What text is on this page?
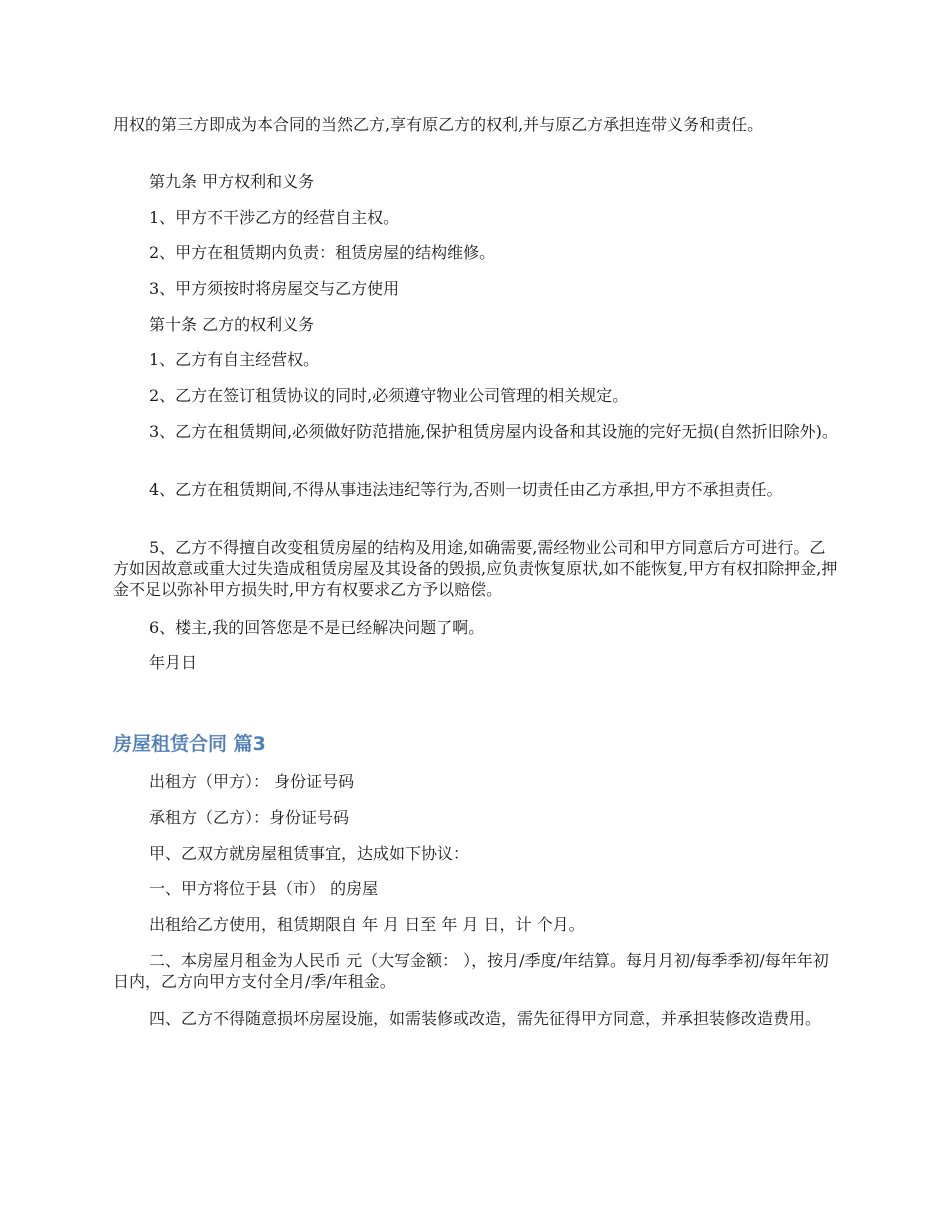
用权的第三方即成为本合同的当然乙方,享有原乙方的权利,并与原乙方承担连带义务和责任。

第九条 甲方权利和义务

1、甲方不干涉乙方的经营自主权。

2、甲方在租赁期内负责：租赁房屋的结构维修。

3、甲方须按时将房屋交与乙方使用

第十条 乙方的权利义务

1、乙方有自主经营权。

2、乙方在签订租赁协议的同时,必须遵守物业公司管理的相关规定。

3、乙方在租赁期间,必须做好防范措施,保护租赁房屋内设备和其设施的完好无损(自然折旧除外)。

4、乙方在租赁期间,不得从事违法违纪等行为,否则一切责任由乙方承担,甲方不承担责任。

5、乙方不得擅自改变租赁房屋的结构及用途,如确需要,需经物业公司和甲方同意后方可进行。乙方如因故意或重大过失造成租赁房屋及其设备的毁损,应负责恢复原状,如不能恢复,甲方有权扣除押金,押金不足以弥补甲方损失时,甲方有权要求乙方予以赔偿。

6、楼主,我的回答您是不是已经解决问题了啊。

年月日

房屋租赁合同 篇3

出租方（甲方）： 身份证号码

承租方（乙方）：身份证号码

甲、乙双方就房屋租赁事宜，达成如下协议：

一、甲方将位于县（市） 的房屋

出租给乙方使用，租赁期限自 年 月 日至 年 月 日，计 个月。

二、本房屋月租金为人民币 元（大写金额： ），按月/季度/年结算。每月月初/每季季初/每年年初 日内，乙方向甲方支付全月/季/年租金。

四、乙方不得随意损坏房屋设施，如需装修或改造，需先征得甲方同意，并承担装修改造费用。
